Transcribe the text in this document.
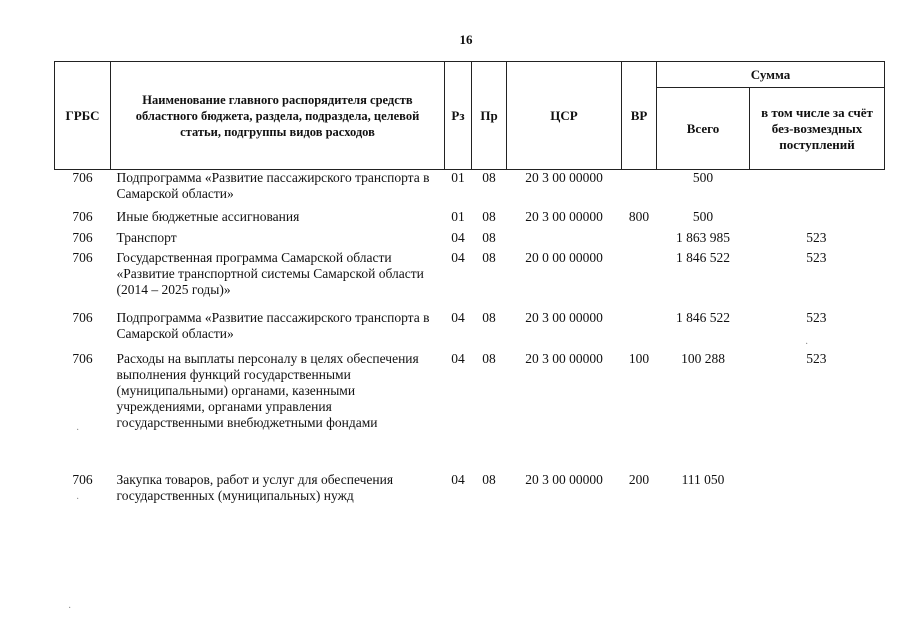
16
ГРБС	Наименование главного распорядителя средств областного бюджета, раздела, подраздела, целевой статьи, подгруппы видов расходов	Рз	Пр	ЦСР	ВР	Сумма	
						Всего	в том числе за счёт без-возмездных поступлений
706	Подпрограмма «Развитие пассажирского транспорта в Самарской области»	01	08	20 3 00 00000		500	
706	Иные бюджетные ассигнования	01	08	20 3 00 00000	800	500	
706	Транспорт	04	08			1 863 985	523
706	Государственная программа Самарской области «Развитие транспортной системы Самарской области (2014 – 2025 годы)»	04	08	20 0 00 00000		1 846 522	523
706	Подпрограмма «Развитие пассажирского транспорта в Самарской области»	04	08	20 3 00 00000		1 846 522	523
706	Расходы на выплаты персоналу в целях обеспечения выполнения функций государственными (муниципальными) органами, казенными учреждениями, органами управления государственными внебюджетными фондами	04	08	20 3 00 00000	100	100 288	523
706	Закупка товаров, работ и услуг для обеспечения государственных (муниципальных) нужд	04	08	20 3 00 00000	200	111 050	
·
·
·
·
